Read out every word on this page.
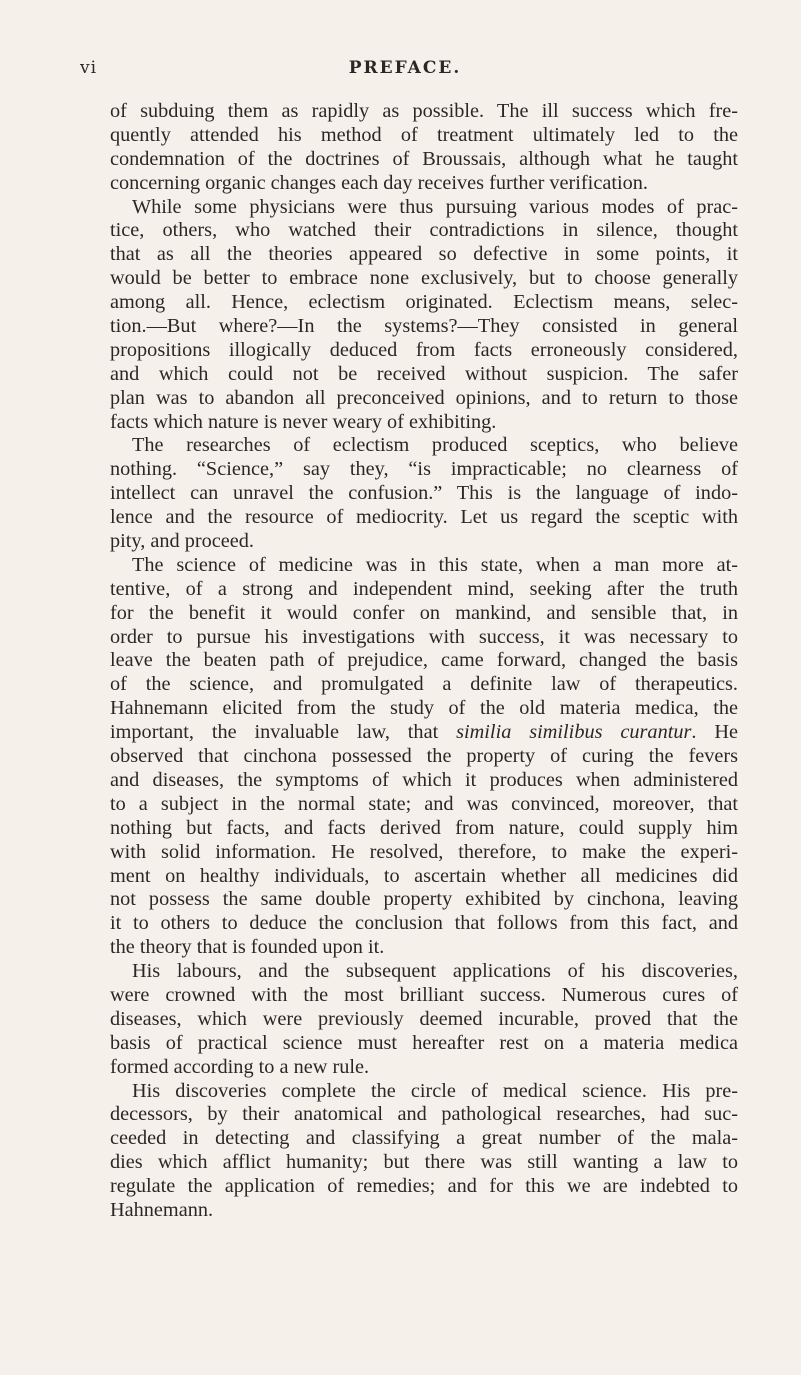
vi	PREFACE.
of subduing them as rapidly as possible. The ill success which fre-
quently attended his method of treatment ultimately led to the
condemnation of the doctrines of Broussais, although what he taught
concerning organic changes each day receives further verification.
While some physicians were thus pursuing various modes of prac-
tice, others, who watched their contradictions in silence, thought
that as all the theories appeared so defective in some points, it
would be better to embrace none exclusively, but to choose generally
among all. Hence, eclectism originated. Eclectism means, selec-
tion.—But where?—In the systems?—They consisted in general
propositions illogically deduced from facts erroneously considered,
and which could not be received without suspicion. The safer
plan was to abandon all preconceived opinions, and to return to those
facts which nature is never weary of exhibiting.
The researches of eclectism produced sceptics, who believe
nothing. “Science,” say they, “is impracticable; no clearness of
intellect can unravel the confusion.” This is the language of indo-
lence and the resource of mediocrity. Let us regard the sceptic with
pity, and proceed.
The science of medicine was in this state, when a man more at-
tentive, of a strong and independent mind, seeking after the truth
for the benefit it would confer on mankind, and sensible that, in
order to pursue his investigations with success, it was necessary to
leave the beaten path of prejudice, came forward, changed the basis
of the science, and promulgated a definite law of therapeutics.
Hahnemann elicited from the study of the old materia medica, the
important, the invaluable law, that similia similibus curantur. He
observed that cinchona possessed the property of curing the fevers
and diseases, the symptoms of which it produces when administered
to a subject in the normal state; and was convinced, moreover, that
nothing but facts, and facts derived from nature, could supply him
with solid information. He resolved, therefore, to make the experi-
ment on healthy individuals, to ascertain whether all medicines did
not possess the same double property exhibited by cinchona, leaving
it to others to deduce the conclusion that follows from this fact, and
the theory that is founded upon it.
His labours, and the subsequent applications of his discoveries,
were crowned with the most brilliant success. Numerous cures of
diseases, which were previously deemed incurable, proved that the
basis of practical science must hereafter rest on a materia medica
formed according to a new rule.
His discoveries complete the circle of medical science. His pre-
decessors, by their anatomical and pathological researches, had suc-
ceeded in detecting and classifying a great number of the mala-
dies which afflict humanity; but there was still wanting a law to
regulate the application of remedies; and for this we are indebted to
Hahnemann.
